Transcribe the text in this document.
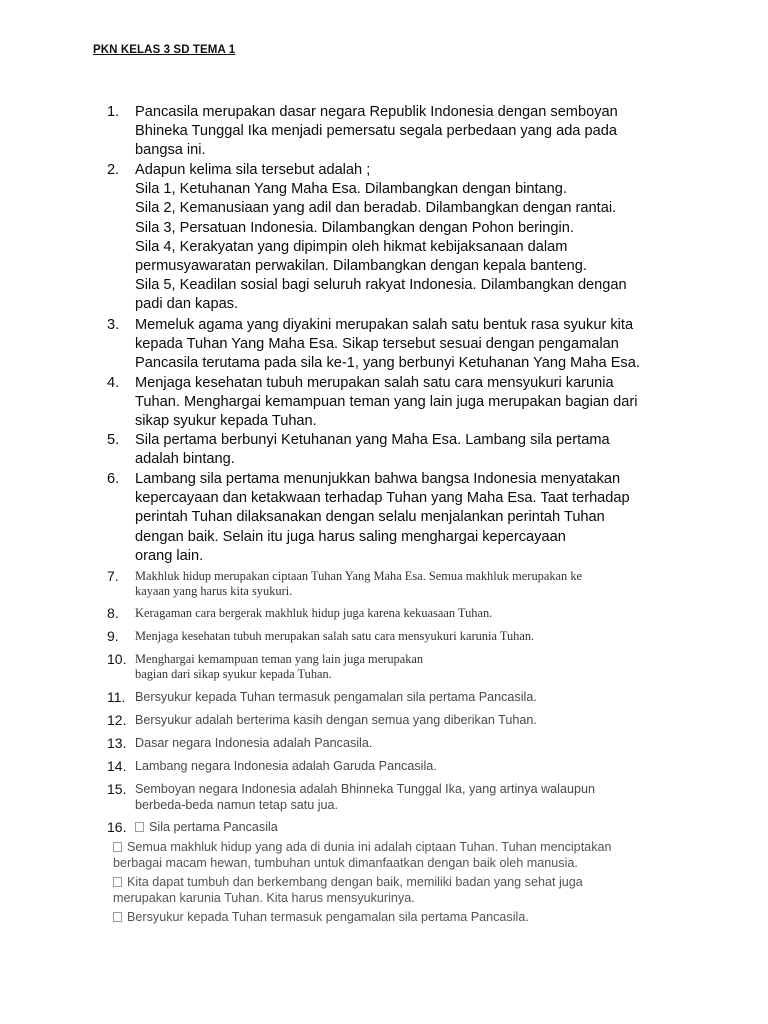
PKN KELAS 3 SD TEMA 1
1.	Pancasila merupakan dasar negara Republik Indonesia dengan semboyan
Bhineka Tunggal Ika menjadi pemersatu segala perbedaan yang ada pada
bangsa ini.
2.	Adapun kelima sila tersebut adalah ;
Sila 1, Ketuhanan Yang Maha Esa. Dilambangkan dengan bintang.
Sila 2, Kemanusiaan yang adil dan beradab. Dilambangkan dengan rantai.
Sila 3, Persatuan Indonesia. Dilambangkan dengan Pohon beringin.
Sila 4, Kerakyatan yang dipimpin oleh hikmat kebijaksanaan dalam
permusyawaratan perwakilan. Dilambangkan dengan kepala banteng.
Sila 5, Keadilan sosial bagi seluruh rakyat Indonesia. Dilambangkan dengan
padi dan kapas.
3.	Memeluk agama yang diyakini merupakan salah satu bentuk rasa syukur kita
kepada Tuhan Yang Maha Esa. Sikap tersebut sesuai dengan pengamalan
Pancasila terutama pada sila ke-1, yang berbunyi Ketuhanan Yang Maha Esa.
4.	Menjaga kesehatan tubuh merupakan salah satu cara mensyukuri karunia
Tuhan. Menghargai kemampuan teman yang lain juga merupakan bagian dari
sikap syukur kepada Tuhan.
5.	Sila pertama berbunyi Ketuhanan yang Maha Esa. Lambang sila pertama
adalah bintang.
6.	Lambang sila pertama menunjukkan bahwa bangsa Indonesia menyatakan
kepercayaan dan ketakwaan terhadap Tuhan yang Maha Esa. Taat terhadap
perintah Tuhan dilaksanakan dengan selalu menjalankan perintah Tuhan
dengan baik. Selain itu juga harus saling menghargai kepercayaan
orang lain.
7.	Makhluk hidup merupakan ciptaan Tuhan Yang Maha Esa. Semua makhluk merupakan ke
kayaan yang harus kita syukuri.
8.	Keragaman cara bergerak makhluk hidup juga karena kekuasaan Tuhan.
9.	Menjaga kesehatan tubuh merupakan salah satu cara mensyukuri karunia Tuhan.
10. Menghargai kemampuan teman yang lain juga merupakan
bagian dari sikap syukur kepada Tuhan.
11. Bersyukur kepada Tuhan termasuk pengamalan sila pertama Pancasila.
12. Bersyukur adalah berterima kasih dengan semua yang diberikan Tuhan.
13. Dasar negara Indonesia adalah Pancasila.
14. Lambang negara Indonesia adalah Garuda Pancasila.
15. Semboyan negara Indonesia adalah Bhinneka Tunggal Ika, yang artinya walaupun
berbeda-beda namun tetap satu jua.
16.	Sila pertama Pancasila
Semua makhluk hidup yang ada di dunia ini adalah ciptaan Tuhan. Tuhan menciptakan
berbagai macam hewan, tumbuhan untuk dimanfaatkan dengan baik oleh manusia.
Kita dapat tumbuh dan berkembang dengan baik, memiliki badan yang sehat juga
merupakan karunia Tuhan. Kita harus mensyukurinya.
Bersyukur kepada Tuhan termasuk pengamalan sila pertama Pancasila.
